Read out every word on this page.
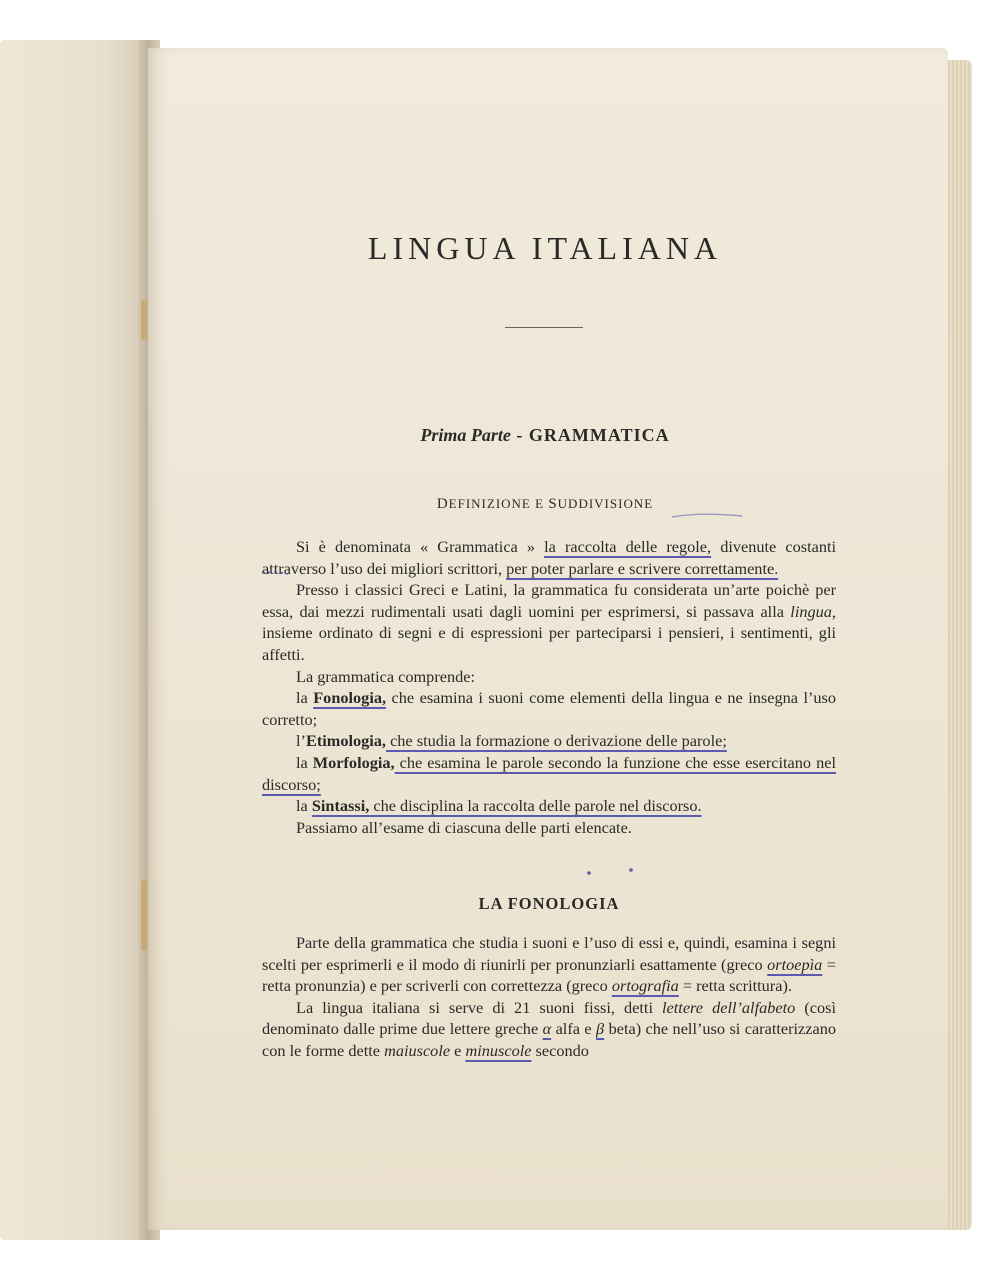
LINGUA ITALIANA
Prima Parte - GRAMMATICA
DEFINIZIONE E SUDDIVISIONE

Si è denominata « Grammatica » la raccolta delle regole, divenute costanti attraverso l’uso dei migliori scrittori, per poter parlare e scrivere correttamente.

Presso i classici Greci e Latini, la grammatica fu considerata un’arte poichè per essa, dai mezzi rudimentali usati dagli uomini per esprimersi, si passava alla lingua, insieme ordinato di segni e di espressioni per parteciparsi i pensieri, i sentimenti, gli affetti.

La grammatica comprende:

la Fonologia, che esamina i suoni come elementi della lingua e ne insegna l’uso corretto;

l’Etimologia, che studia la formazione o derivazione delle parole;

la Morfologia, che esamina le parole secondo la funzione che esse esercitano nel discorso;

la Sintassi, che disciplina la raccolta delle parole nel discorso.

Passiamo all’esame di ciascuna delle parti elencate.

LA FONOLOGIA

Parte della grammatica che studia i suoni e l’uso di essi e, quindi, esamina i segni scelti per esprimerli e il modo di riunirli per pronunziarli esattamente (greco ortoepìa = retta pronunzia) e per scriverli con correttezza (greco ortografia = retta scrittura).

La lingua italiana si serve di 21 suoni fissi, detti lettere dell’alfabeto (così denominato dalle prime due lettere greche α alfa e β beta) che nell’uso si caratterizzano con le forme dette maiuscole e minuscole secondo
